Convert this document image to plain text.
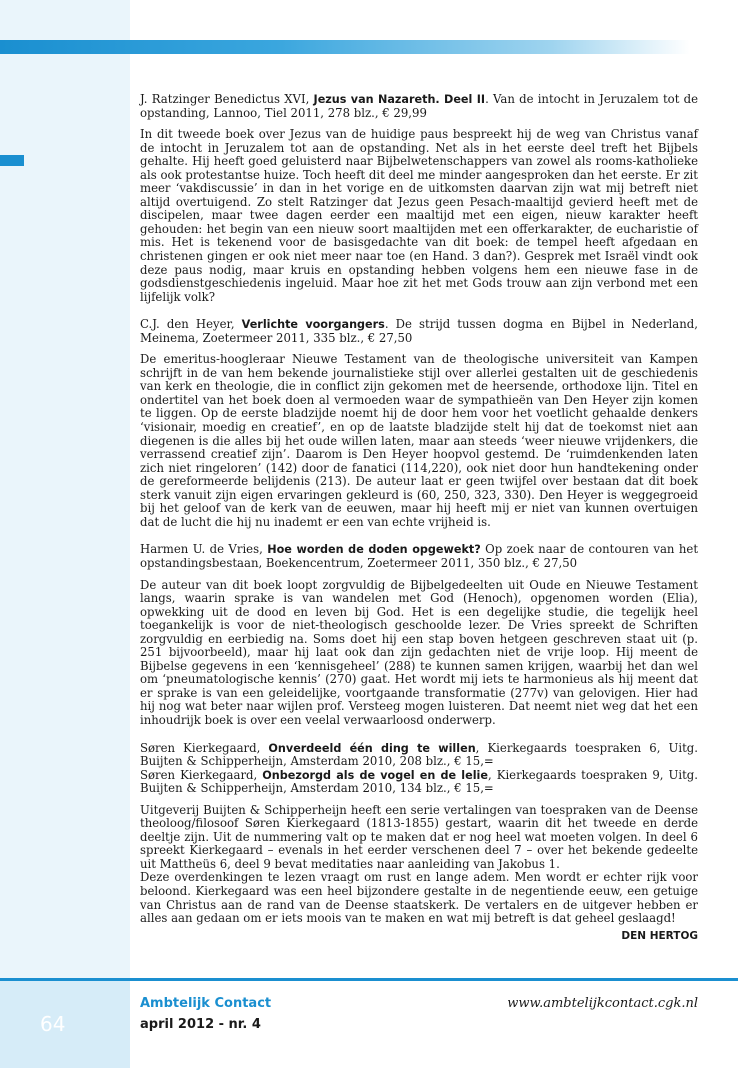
J. Ratzinger Benedictus XVI, Jezus van Nazareth. Deel II. Van de intocht in Jeruzalem tot de opstanding, Lannoo, Tiel 2011, 278 blz., € 29,99

In dit tweede boek over Jezus van de huidige paus bespreekt hij de weg van Christus vanaf de intocht in Jeruzalem tot aan de opstanding. Net als in het eerste deel treft het Bijbels gehalte. Hij heeft goed geluisterd naar Bijbelwetenschappers van zowel als rooms-katholieke als ook protestantse huize. Toch heeft dit deel me minder aangesproken dan het eerste. Er zit meer ‘vakdiscussie’ in dan in het vorige en de uitkomsten daarvan zijn wat mij betreft niet altijd overtuigend. Zo stelt Ratzinger dat Jezus geen Pesach-maaltijd gevierd heeft met de discipelen, maar twee dagen eerder een maaltijd met een eigen, nieuw karakter heeft gehouden: het begin van een nieuw soort maaltijden met een offerkarakter, de eucharistie of mis. Het is tekenend voor de basisgedachte van dit boek: de tempel heeft afgedaan en christenen gingen er ook niet meer naar toe (en Hand. 3 dan?). Gesprek met Israël vindt ook deze paus nodig, maar kruis en opstanding hebben volgens hem een nieuwe fase in de godsdienstgeschiedenis ingeluid. Maar hoe zit het met Gods trouw aan zijn verbond met een lijfelijk volk?

C.J. den Heyer, Verlichte voorgangers. De strijd tussen dogma en Bijbel in Nederland, Meinema, Zoetermeer 2011, 335 blz., € 27,50

De emeritus-hoogleraar Nieuwe Testament van de theologische universiteit van Kampen schrijft in de van hem bekende journalistieke stijl over allerlei gestalten uit de geschiedenis van kerk en theologie, die in conflict zijn gekomen met de heersende, orthodoxe lijn. Titel en ondertitel van het boek doen al vermoeden waar de sympathieën van Den Heyer zijn komen te liggen. Op de eerste bladzijde noemt hij de door hem voor het voetlicht gehaalde denkers ‘visionair, moedig en creatief’, en op de laatste bladzijde stelt hij dat de toekomst niet aan diegenen is die alles bij het oude willen laten, maar aan steeds ‘weer nieuwe vrijdenkers, die verrassend creatief zijn’. Daarom is Den Heyer hoopvol gestemd. De ‘ruimdenkenden laten zich niet ringeloren’ (142) door de fanatici (114,220), ook niet door hun handtekening onder de gereformeerde belijdenis (213). De auteur laat er geen twijfel over bestaan dat dit boek sterk vanuit zijn eigen ervaringen gekleurd is (60, 250, 323, 330). Den Heyer is weggegroeid bij het geloof van de kerk van de eeuwen, maar hij heeft mij er niet van kunnen overtuigen dat de lucht die hij nu inademt er een van echte vrijheid is.

Harmen U. de Vries, Hoe worden de doden opgewekt? Op zoek naar de contouren van het opstandingsbestaan, Boekencentrum, Zoetermeer 2011, 350 blz., € 27,50

De auteur van dit boek loopt zorgvuldig de Bijbelgedeelten uit Oude en Nieuwe Testament langs, waarin sprake is van wandelen met God (Henoch), opgenomen worden (Elia), opwekking uit de dood en leven bij God. Het is een degelijke studie, die tegelijk heel toegankelijk is voor de niet-theologisch geschoolde lezer. De Vries spreekt de Schriften zorgvuldig en eerbiedig na. Soms doet hij een stap boven hetgeen geschreven staat uit (p. 251 bijvoorbeeld), maar hij laat ook dan zijn gedachten niet de vrije loop. Hij meent de Bijbelse gegevens in een ‘kennisgeheel’ (288) te kunnen samen krijgen, waarbij het dan wel om ‘pneumatologische kennis’ (270) gaat. Het wordt mij iets te harmonieus als hij meent dat er sprake is van een geleidelijke, voortgaande transformatie (277v) van gelovigen. Hier had hij nog wat beter naar wijlen prof. Versteeg mogen luisteren. Dat neemt niet weg dat het een inhoudrijk boek is over een veelal verwaarloosd onderwerp.

Søren Kierkegaard, Onverdeeld één ding te willen, Kierkegaards toespraken 6, Uitg. Buijten & Schipperheijn, Amsterdam 2010, 208 blz., € 15,=

Søren Kierkegaard, Onbezorgd als de vogel en de lelie, Kierkegaards toespraken 9, Uitg. Buijten & Schipperheijn, Amsterdam 2010, 134 blz., € 15,=

Uitgeverij Buijten & Schipperheijn heeft een serie vertalingen van toespraken van de Deense theoloog/filosoof Søren Kierkegaard (1813-1855) gestart, waarin dit het tweede en derde deeltje zijn. Uit de nummering valt op te maken dat er nog heel wat moeten volgen. In deel 6 spreekt Kierkegaard – evenals in het eerder verschenen deel 7 – over het bekende gedeelte uit Mattheüs 6, deel 9 bevat meditaties naar aanleiding van Jakobus 1.

Deze overdenkingen te lezen vraagt om rust en lange adem. Men wordt er echter rijk voor beloond. Kierkegaard was een heel bijzondere gestalte in de negentiende eeuw, een getuige van Christus aan de rand van de Deense staatskerk. De vertalers en de uitgever hebben er alles aan gedaan om er iets moois van te maken en wat mij betreft is dat geheel geslaagd!

DEN HERTOG
64
Ambtelijk Contact
april 2012 - nr. 4
www.ambtelijkcontact.cgk.nl
